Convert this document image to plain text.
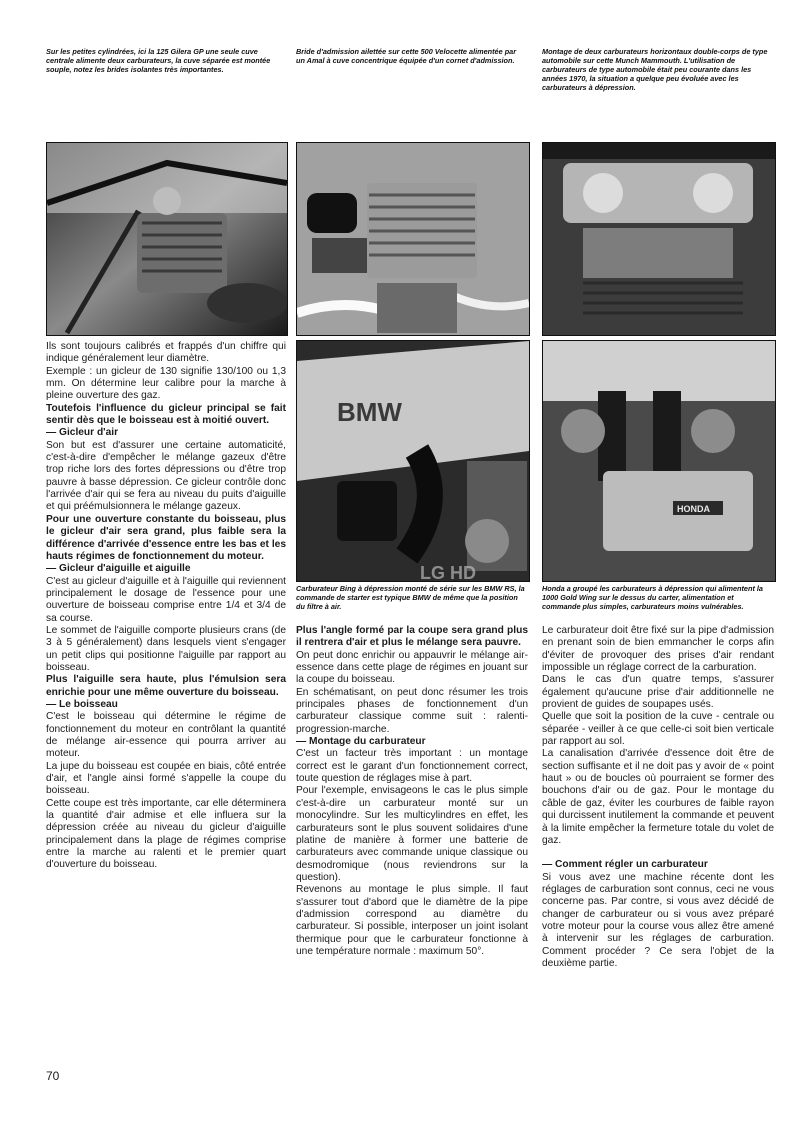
Sur les petites cylindrées, ici la 125 Gilera GP une seule cuve centrale alimente deux carburateurs, la cuve séparée est montée souple, notez les brides isolantes très importantes.
Bride d'admission ailettée sur cette 500 Velocette alimentée par un Amal à cuve concentrique équipée d'un cornet d'admission.
Montage de deux carburateurs horizontaux double-corps de type automobile sur cette Munch Mammouth. L'utilisation de carburateurs de type automobile était peu courante dans les années 1970, la situation a quelque peu évoluée avec les carburateurs à dépression.
BMW
HONDA
LG HD
Carburateur Bing à dépression monté de série sur les BMW RS, la commande de starter est typique BMW de même que la position du filtre à air.
Honda a groupé les carburateurs à dépression qui alimentent la 1000 Gold Wing sur le dessus du carter, alimentation et commande plus simples, carburateurs moins vulnérables.

Ils sont toujours calibrés et frappés d'un chiffre qui indique généralement leur diamètre.

Exemple : un gicleur de 130 signifie 130/100 ou 1,3 mm. On détermine leur calibre pour la marche à pleine ouverture des gaz.

Toutefois l'influence du gicleur principal se fait sentir dès que le boisseau est à moitié ouvert.

— Gicleur d'air

Son but est d'assurer une certaine automaticité, c'est-à-dire d'empêcher le mélange gazeux d'être trop riche lors des fortes dépressions ou d'être trop pauvre à basse dépression. Ce gicleur contrôle donc l'arrivée d'air qui se fera au niveau du puits d'aiguille et qui préémulsionnera le mélange gazeux.

Pour une ouverture constante du boisseau, plus le gicleur d'air sera grand, plus faible sera la différence d'arrivée d'essence entre les bas et les hauts régimes de fonctionnement du moteur.

— Gicleur d'aiguille et aiguille

C'est au gicleur d'aiguille et à l'aiguille qui reviennent principalement le dosage de l'essence pour une ouverture de boisseau comprise entre 1/4 et 3/4 de sa course.

Le sommet de l'aiguille comporte plusieurs crans (de 3 à 5 généralement) dans lesquels vient s'engager un petit clips qui positionne l'aiguille par rapport au boisseau.

Plus l'aiguille sera haute, plus l'émulsion sera enrichie pour une même ouverture du boisseau.

— Le boisseau

C'est le boisseau qui détermine le régime de fonctionnement du moteur en contrôlant la quantité de mélange air-essence qui pourra arriver au moteur.

La jupe du boisseau est coupée en biais, côté entrée d'air, et l'angle ainsi formé s'appelle la coupe du boisseau.

Cette coupe est très importante, car elle déterminera la quantité d'air admise et elle influera sur la dépression créée au niveau du gicleur d'aiguille principalement dans la plage de régimes comprise entre la marche au ralenti et le premier quart d'ouverture du boisseau.

Plus l'angle formé par la coupe sera grand plus il rentrera d'air et plus le mélange sera pauvre.

On peut donc enrichir ou appauvrir le mélange air-essence dans cette plage de régimes en jouant sur la coupe du boisseau.

En schématisant, on peut donc résumer les trois principales phases de fonctionnement d'un carburateur classique comme suit : ralenti-progression-marche.

— Montage du carburateur

C'est un facteur très important : un montage correct est le garant d'un fonctionnement correct, toute question de réglages mise à part.

Pour l'exemple, envisageons le cas le plus simple c'est-à-dire un carburateur monté sur un monocylindre. Sur les multicylindres en effet, les carburateurs sont le plus souvent solidaires d'une platine de manière à former une batterie de carburateurs avec commande unique classique ou desmodromique (nous reviendrons sur la question).

Revenons au montage le plus simple. Il faut s'assurer tout d'abord que le diamètre de la pipe d'admission correspond au diamètre du carburateur. Si possible, interposer un joint isolant thermique pour que le carburateur fonctionne à une température normale : maximum 50°.

Le carburateur doit être fixé sur la pipe d'admission en prenant soin de bien emmancher le corps afin d'éviter de provoquer des prises d'air rendant impossible un réglage correct de la carburation.

Dans le cas d'un quatre temps, s'assurer également qu'aucune prise d'air additionnelle ne provient de guides de soupapes usés.

Quelle que soit la position de la cuve - centrale ou séparée - veiller à ce que celle-ci soit bien verticale par rapport au sol.

La canalisation d'arrivée d'essence doit être de section suffisante et il ne doit pas y avoir de « point haut » ou de boucles où pourraient se former des bouchons d'air ou de gaz. Pour le montage du câble de gaz, éviter les courbures de faible rayon qui durcissent inutilement la commande et peuvent à la limite empêcher la fermeture totale du volet de gaz.

— Comment régler un carburateur

Si vous avez une machine récente dont les réglages de carburation sont connus, ceci ne vous concerne pas. Par contre, si vous avez décidé de changer de carburateur ou si vous avez préparé votre moteur pour la course vous allez être amené à intervenir sur les réglages de carburation. Comment procéder ? Ce sera l'objet de la deuxième partie.

70
